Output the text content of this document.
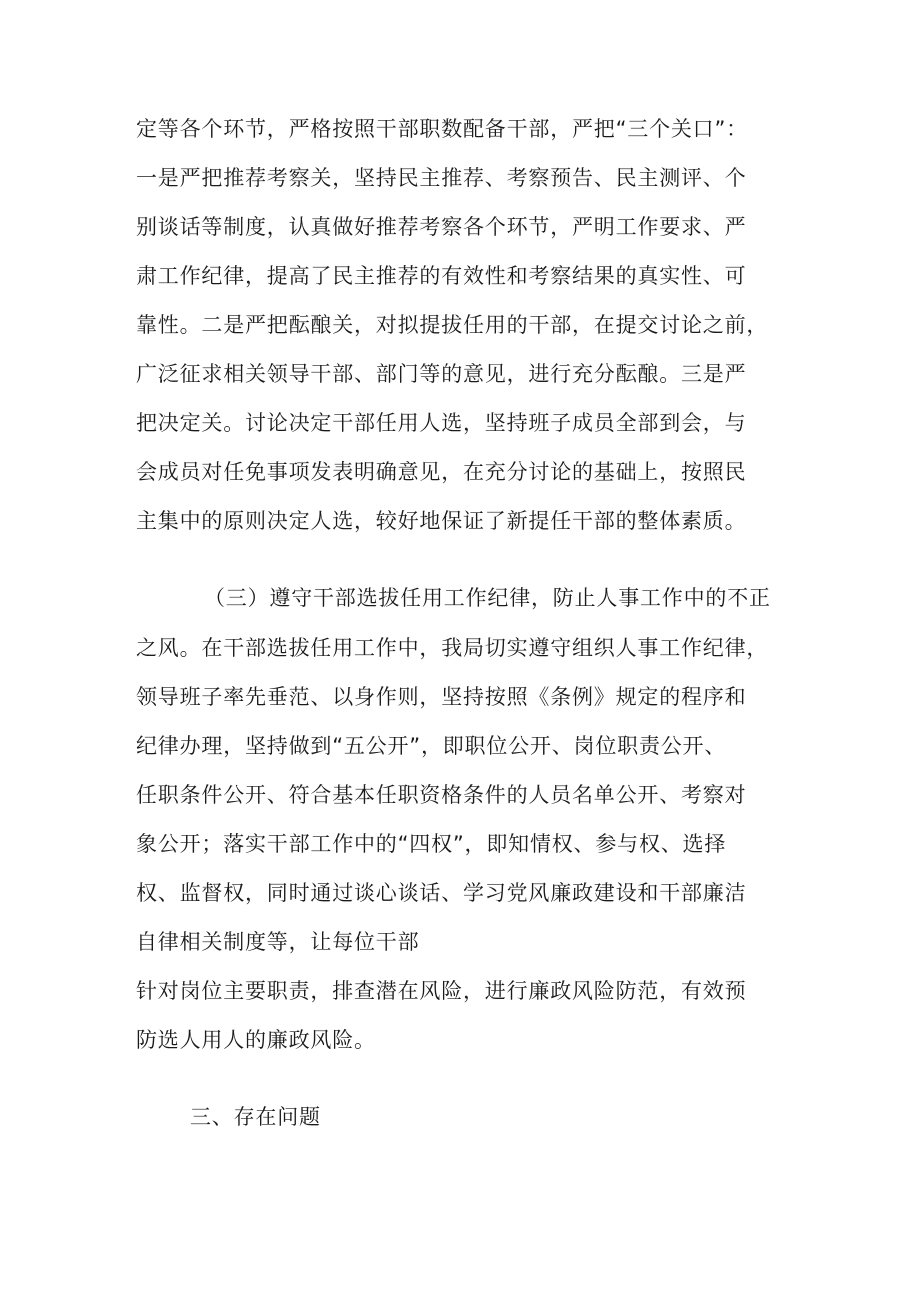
定等各个环节，严格按照干部职数配备干部，严把“三个关口”：
一是严把推荐考察关，坚持民主推荐、考察预告、民主测评、个
别谈话等制度，认真做好推荐考察各个环节，严明工作要求、严
肃工作纪律，提高了民主推荐的有效性和考察结果的真实性、可
靠性。二是严把酝酿关，对拟提拔任用的干部，在提交讨论之前，
广泛征求相关领导干部、部门等的意见，进行充分酝酿。三是严
把决定关。讨论决定干部任用人选，坚持班子成员全部到会，与
会成员对任免事项发表明确意见，在充分讨论的基础上，按照民
主集中的原则决定人选，较好地保证了新提任干部的整体素质。
（三）遵守干部选拔任用工作纪律，防止人事工作中的不正
之风。在干部选拔任用工作中，我局切实遵守组织人事工作纪律，
领导班子率先垂范、以身作则，坚持按照《条例》规定的程序和
纪律办理，坚持做到“五公开”，即职位公开、岗位职责公开、
任职条件公开、符合基本任职资格条件的人员名单公开、考察对
象公开；落实干部工作中的“四权”，即知情权、参与权、选择
权、监督权，同时通过谈心谈话、学习党风廉政建设和干部廉洁
自律相关制度等，让每位干部
针对岗位主要职责，排查潜在风险，进行廉政风险防范，有效预
防选人用人的廉政风险。
三、存在问题
